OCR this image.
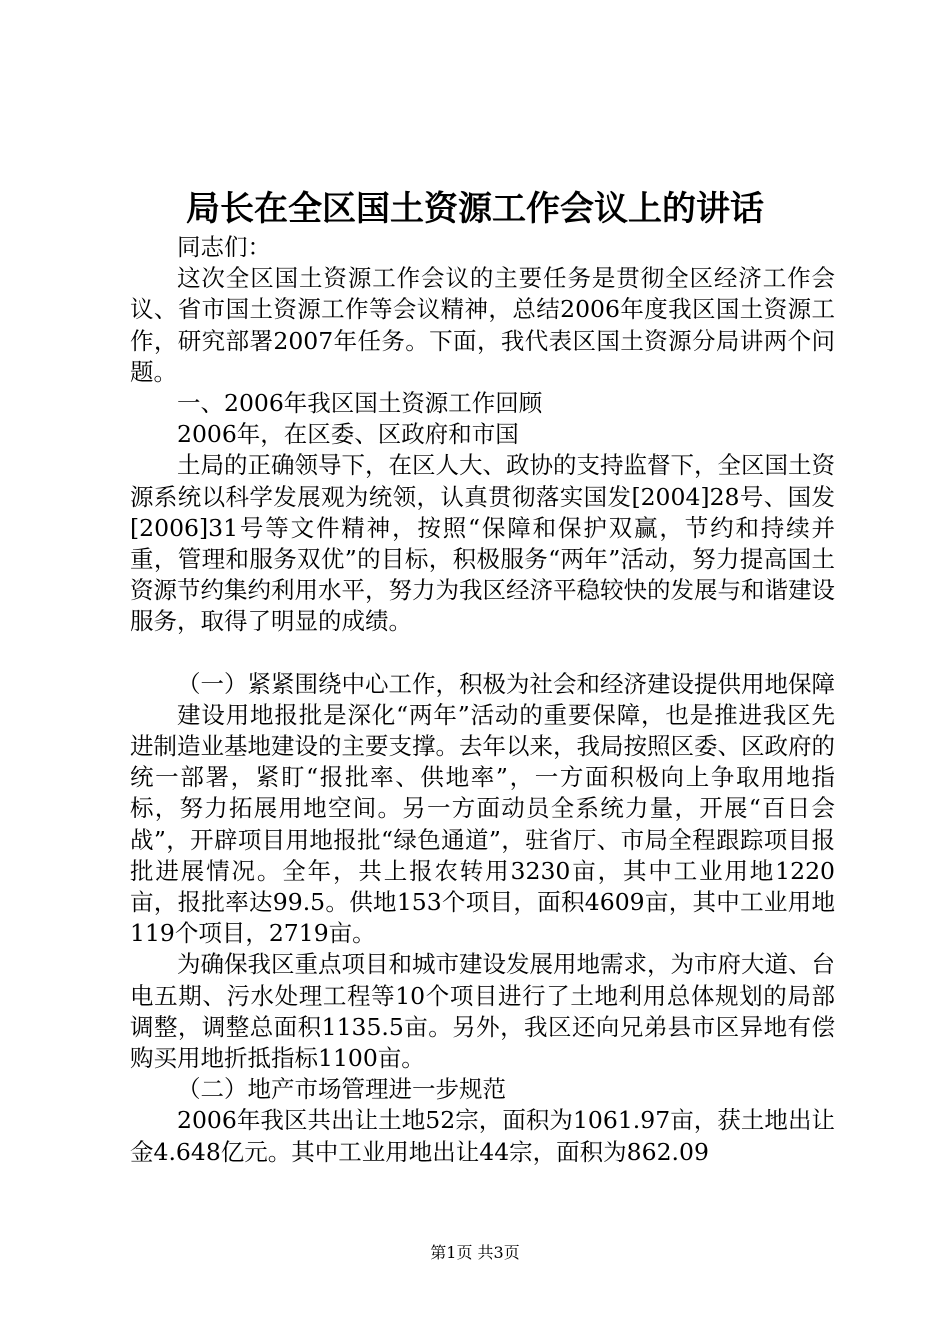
局长在全区国土资源工作会议上的讲话

同志们：

这次全区国土资源工作会议的主要任务是贯彻全区经济工作会议、省市国土资源工作等会议精神，总结2006年度我区国土资源工作，研究部署2007年任务。下面，我代表区国土资源分局讲两个问题。

一、2006年我区国土资源工作回顾

2006年，在区委、区政府和市国

土局的正确领导下，在区人大、政协的支持监督下，全区国土资源系统以科学发展观为统领，认真贯彻落实国发[2004]28号、国发[2006]31号等文件精神，按照“保障和保护双赢，节约和持续并重，管理和服务双优”的目标，积极服务“两年”活动，努力提高国土资源节约集约利用水平，努力为我区经济平稳较快的发展与和谐建设服务，取得了明显的成绩。

（一）紧紧围绕中心工作，积极为社会和经济建设提供用地保障

建设用地报批是深化“两年”活动的重要保障，也是推进我区先进制造业基地建设的主要支撑。去年以来，我局按照区委、区政府的统一部署，紧盯“报批率、供地率”，一方面积极向上争取用地指标，努力拓展用地空间。另一方面动员全系统力量，开展“百日会战”，开辟项目用地报批“绿色通道”，驻省厅、市局全程跟踪项目报批进展情况。全年，共上报农转用3230亩，其中工业用地1220亩，报批率达99.5。供地153个项目，面积4609亩，其中工业用地119个项目，2719亩。

为确保我区重点项目和城市建设发展用地需求，为市府大道、台电五期、污水处理工程等10个项目进行了土地利用总体规划的局部调整，调整总面积1135.5亩。另外，我区还向兄弟县市区异地有偿购买用地折抵指标1100亩。

（二）地产市场管理进一步规范

2006年我区共出让土地52宗，面积为1061.97亩，获土地出让金4.648亿元。其中工业用地出让44宗，面积为862.09

第1页 共3页
